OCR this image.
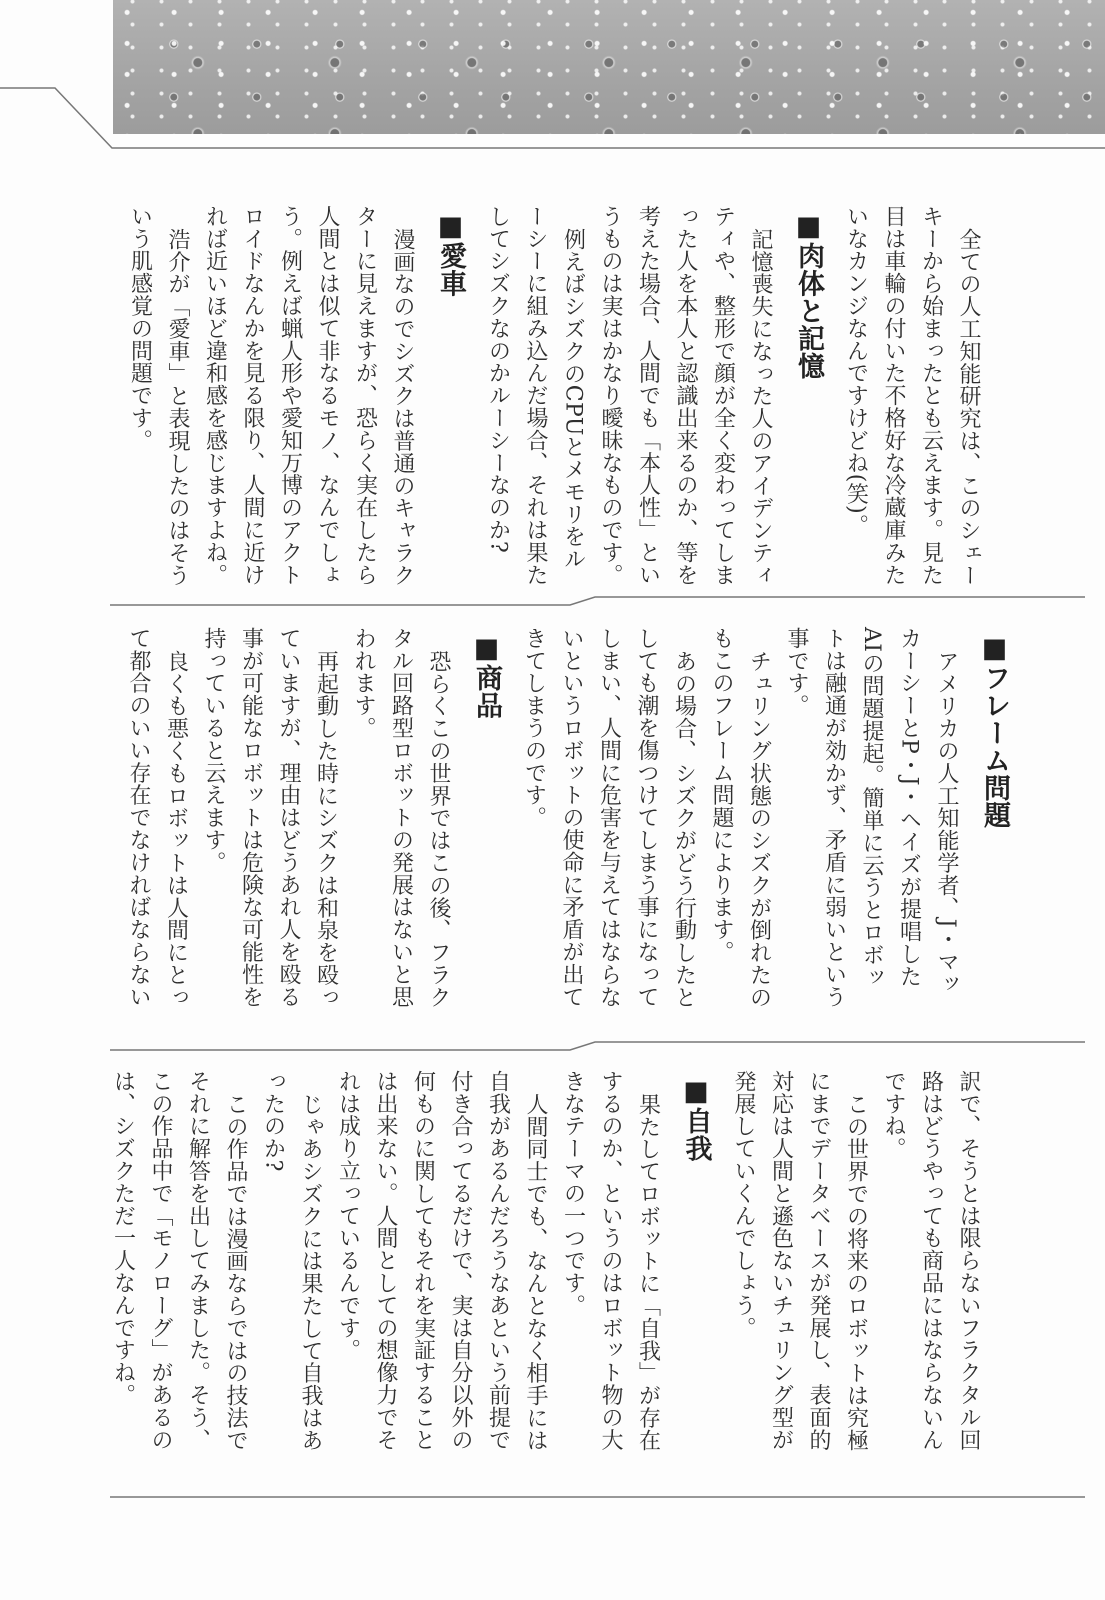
全ての人工知能研究は、このシェー
キーから始まったとも云えます。見た
目は車輪の付いた不格好な冷蔵庫みた
いなカンジなんですけどね(笑)。
■肉体と記憶
記憶喪失になった人のアイデンティ
ティや、整形で顔が全く変わってしま
った人を本人と認識出来るのか、等を
考えた場合、人間でも「本人性」とい
うものは実はかなり曖昧なものです。
例えばシズクのCPUとメモリをル
ーシーに組み込んだ場合、それは果た
してシズクなのかルーシーなのか?
■愛車
漫画なのでシズクは普通のキャラク
ターに見えますが、恐らく実在したら
人間とは似て非なるモノ、なんでしょ
う。例えば蝋人形や愛知万博のアクト
ロイドなんかを見る限り、人間に近け
れば近いほど違和感を感じますよね。
浩介が「愛車」と表現したのはそう
いう肌感覚の問題です。
■フレーム問題
アメリカの人工知能学者、J・マッ
カーシーとP・J・ヘイズが提唱した
AIの問題提起。簡単に云うとロボッ
トは融通が効かず、矛盾に弱いという
事です。
チュリング状態のシズクが倒れたの
もこのフレーム問題によります。
あの場合、シズクがどう行動したと
しても潮を傷つけてしまう事になって
しまい、人間に危害を与えてはならな
いというロボットの使命に矛盾が出て
きてしまうのです。
■商品
恐らくこの世界ではこの後、フラク
タル回路型ロボットの発展はないと思
われます。
再起動した時にシズクは和泉を殴っ
ていますが、理由はどうあれ人を殴る
事が可能なロボットは危険な可能性を
持っていると云えます。
良くも悪くもロボットは人間にとっ
て都合のいい存在でなければならない
訳で、そうとは限らないフラクタル回
路はどうやっても商品にはならないん
ですね。
この世界での将来のロボットは究極
にまでデータベースが発展し、表面的
対応は人間と遜色ないチュリング型が
発展していくんでしょう。
■自我
果たしてロボットに「自我」が存在
するのか、というのはロボット物の大
きなテーマの一つです。
人間同士でも、なんとなく相手には
自我があるんだろうなあという前提で
付き合ってるだけで、実は自分以外の
何ものに関してもそれを実証すること
は出来ない。人間としての想像力でそ
れは成り立っているんです。
じゃあシズクには果たして自我はあ
ったのか?
この作品では漫画ならではの技法で
それに解答を出してみました。そう、
この作品中で「モノローグ」があるの
は、シズクただ一人なんですね。
